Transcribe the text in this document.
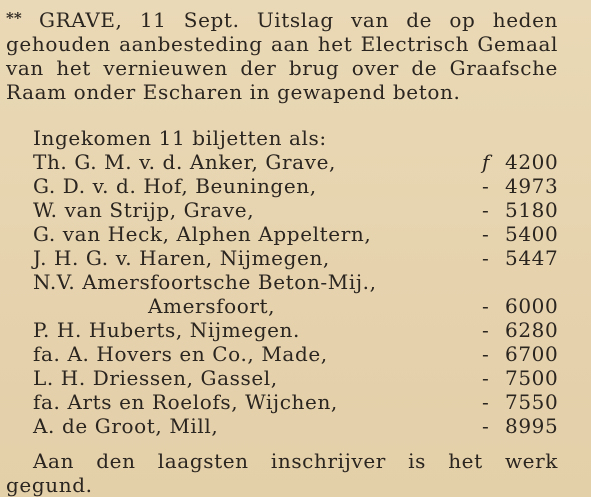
** GRAVE, 11 Sept. Uitslag van de op heden gehouden aanbesteding aan het Electrisch Gemaal van het vernieuwen der brug over de Graafsche Raam onder Escharen in gewapend beton.

Ingekomen 11 biljetten als:
Th. G. M. v. d. Anker, Grave,	f 4200
G. D. v. d. Hof, Beuningen,	- 4973
W. van Strijp, Grave,	- 5180
G. van Heck, Alphen Appeltern,	- 5400
J. H. G. v. Haren, Nijmegen,	- 5447
N.V. Amersfoortsche Beton-Mij.,
Amersfoort,	- 6000
P. H. Huberts, Nijmegen.	- 6280
fa. A. Hovers en Co., Made,	- 6700
L. H. Driessen, Gassel,	- 7500
fa. Arts en Roelofs, Wijchen,	- 7550
A. de Groot, Mill,	- 8995

Aan den laagsten inschrijver is het werk gegund.
